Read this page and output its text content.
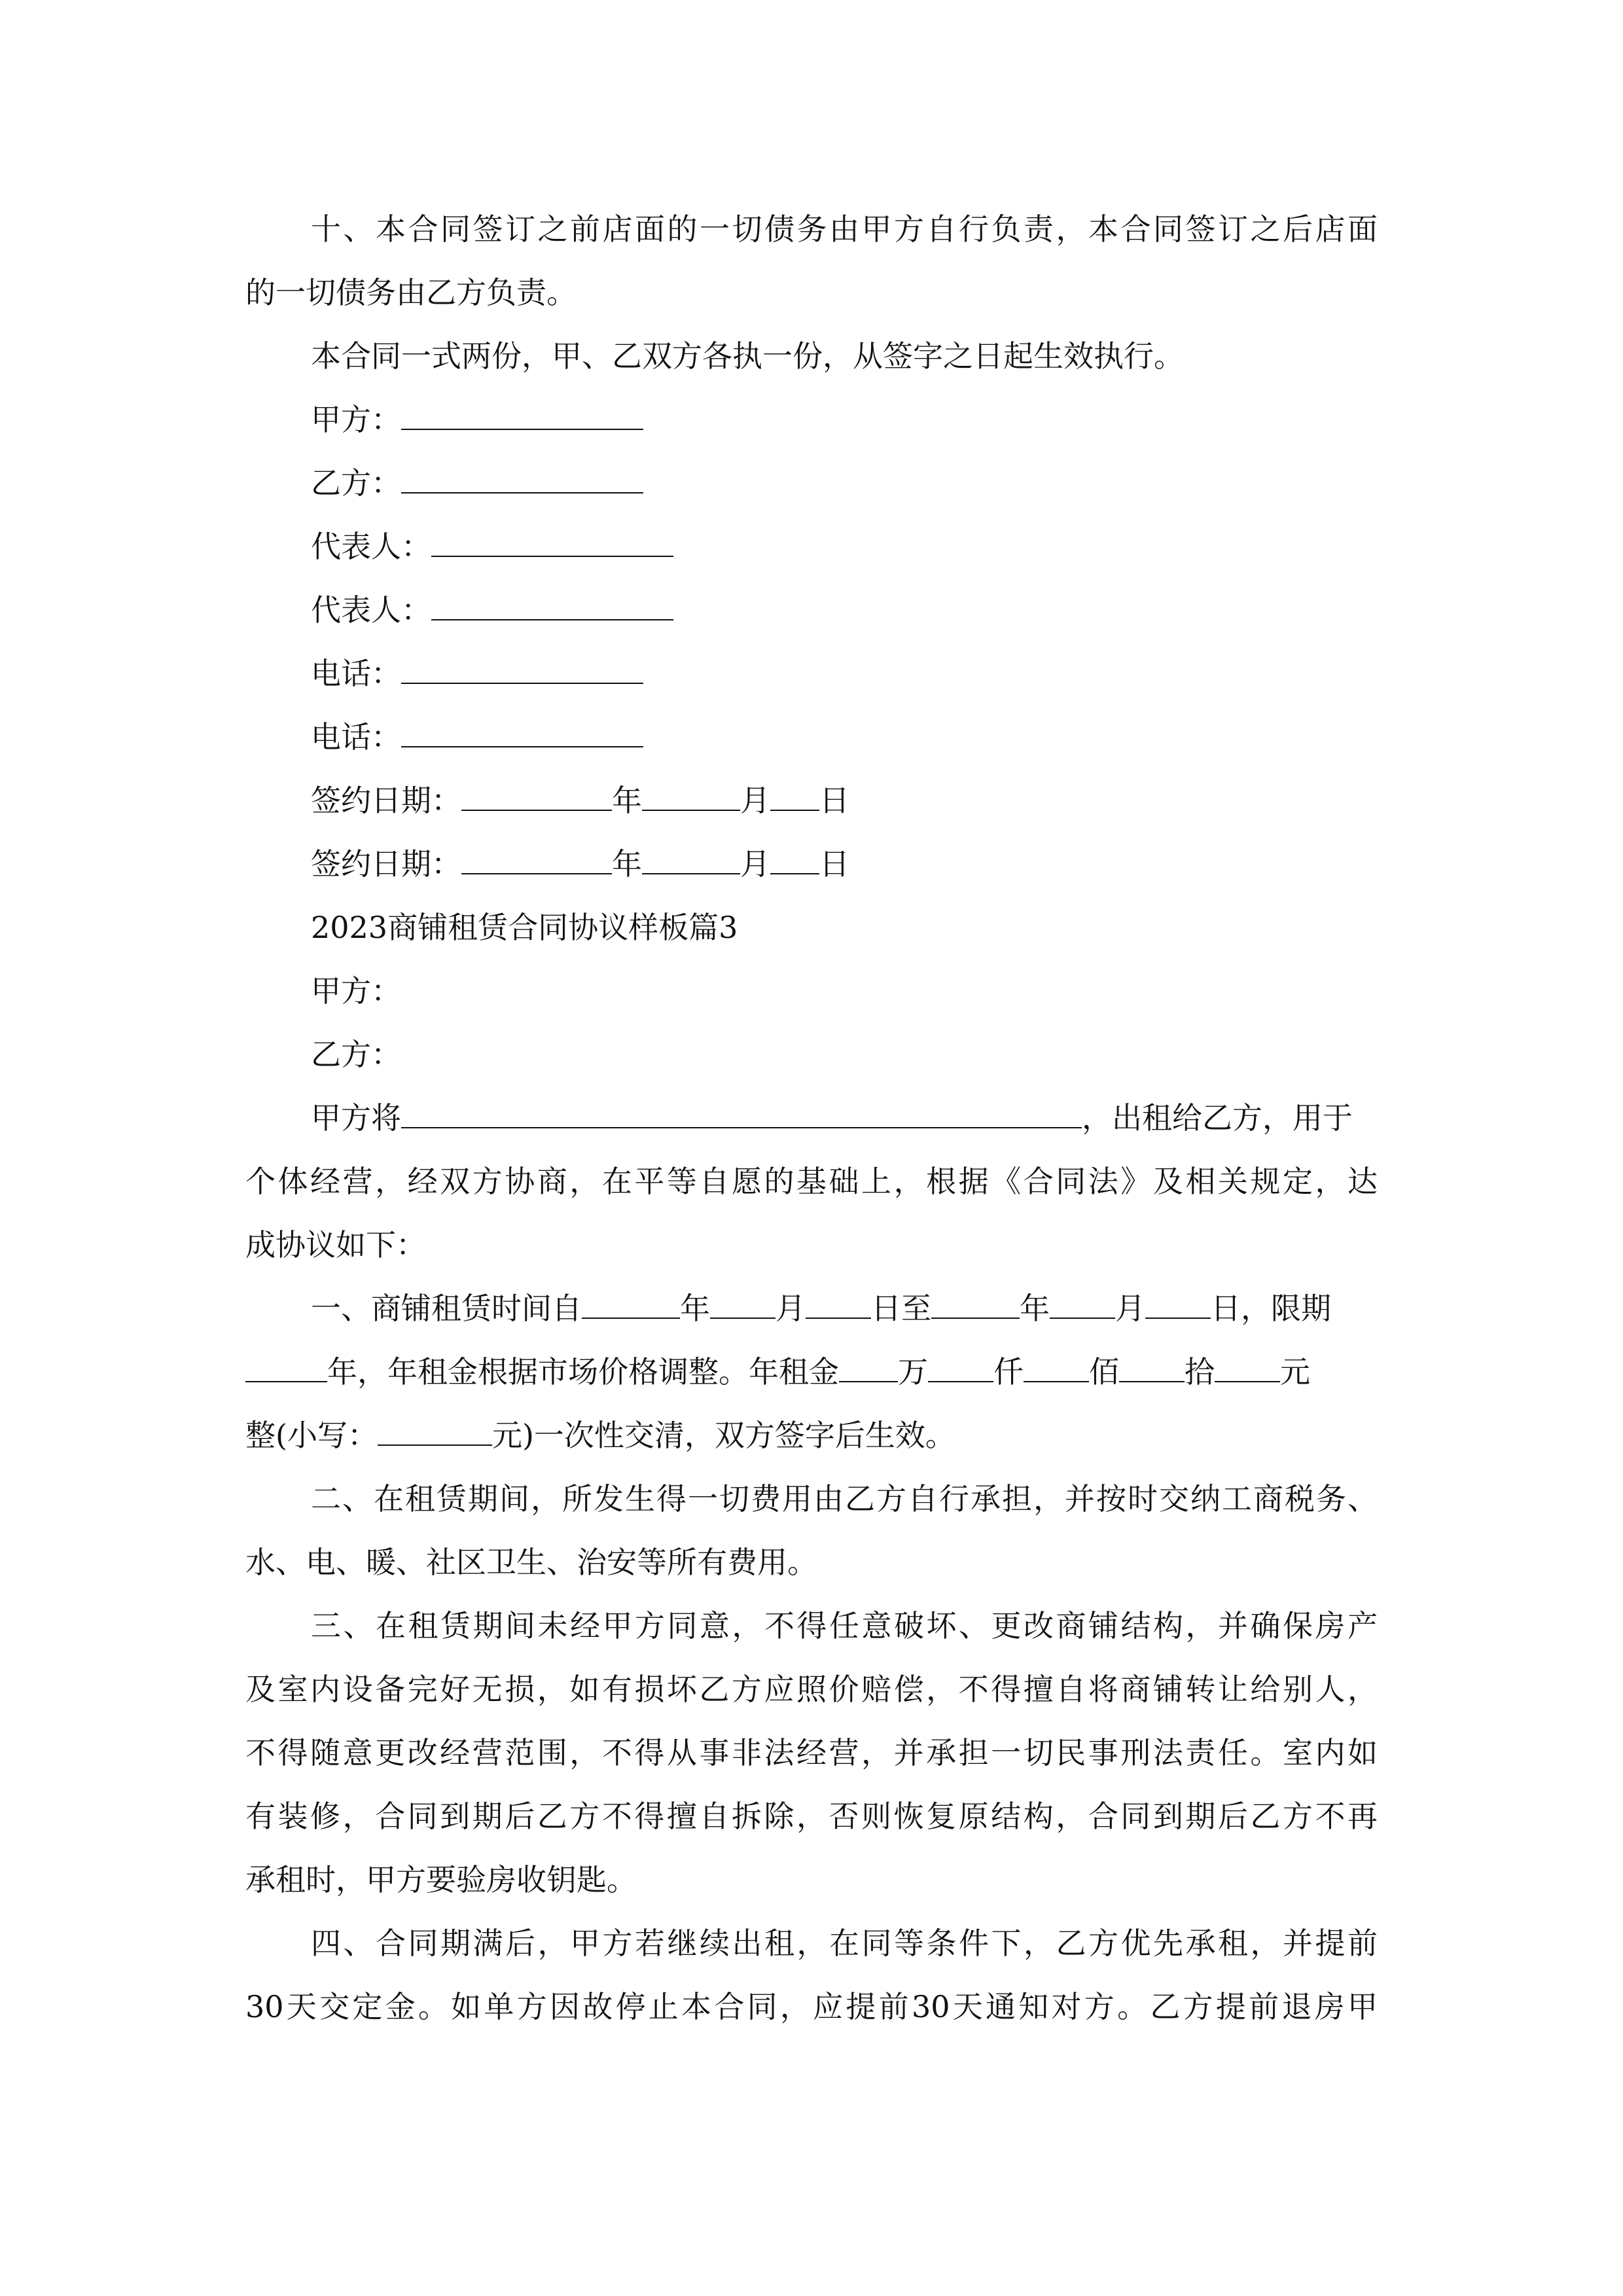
十、本合同签订之前店面的一切债务由甲方自行负责，本合同签订之后店面
的一切债务由乙方负责。
本合同一式两份，甲、乙双方各执一份，从签字之日起生效执行。
甲方：
乙方：
代表人：
代表人：
电话：
电话：
签约日期：	年	月 日
签约日期：	年	月 日
2023商铺租赁合同协议样板篇3
甲方：
乙方：
甲方将	，出租给乙方，用于
个体经营，经双方协商，在平等自愿的基础上，根据《合同法》及相关规定，达
成协议如下：
一、商铺租赁时间自	年 月 日至	年 月 日，限期
年，年租金根据市场价格调整。年租金 万 仟 佰 拾 元
整(小写：	元)一次性交清，双方签字后生效。
二、在租赁期间，所发生得一切费用由乙方自行承担，并按时交纳工商税务、
水、电、暖、社区卫生、治安等所有费用。
三、在租赁期间未经甲方同意，不得任意破坏、更改商铺结构，并确保房产
及室内设备完好无损，如有损坏乙方应照价赔偿，不得擅自将商铺转让给别人，
不得随意更改经营范围，不得从事非法经营，并承担一切民事刑法责任。室内如
有装修，合同到期后乙方不得擅自拆除，否则恢复原结构，合同到期后乙方不再
承租时，甲方要验房收钥匙。
四、合同期满后，甲方若继续出租，在同等条件下，乙方优先承租，并提前
30天交定金。如单方因故停止本合同，应提前30天通知对方。乙方提前退房甲
